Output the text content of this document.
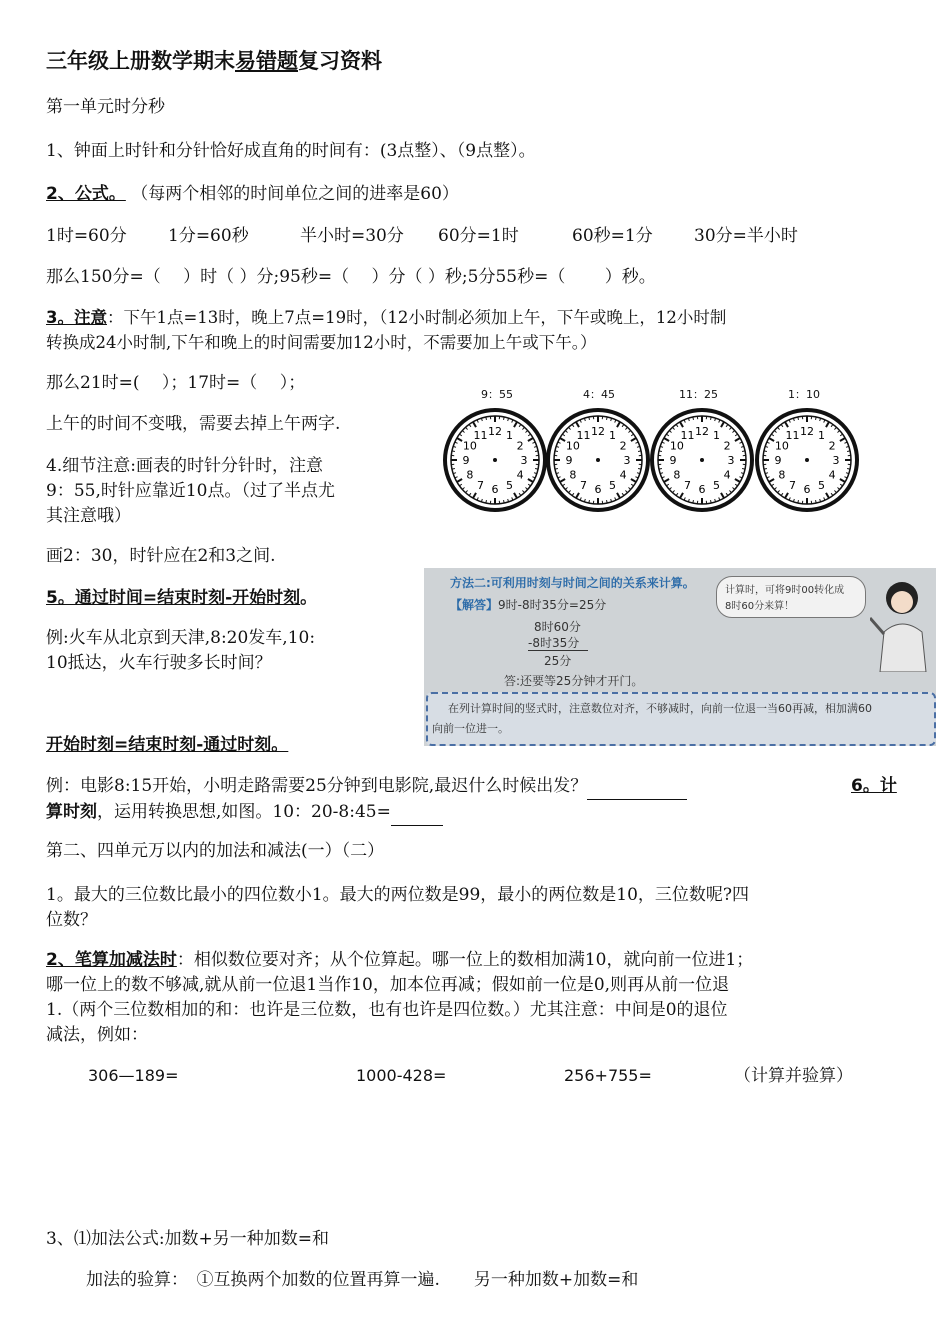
三年级上册数学期末易错题复习资料
第一单元时分秒
1、钟面上时针和分针恰好成直角的时间有：(3点整）、（9点整）。
2、公式。 （每两个相邻的时间单位之间的进率是60）
1时=60分 1分=60秒	半小时=30分 60分=1时	60秒=1分 30分=半小时
那么150分=（　 ）时（ ）分;95秒=（　 ）分（ ）秒;5分55秒=（　　 ）秒。
3。注意：下午1点=13时，晚上7点=19时，（12小时制必须加上午，下午或晚上，12小时制
转换成24小时制,下午和晚上的时间需要加12小时，不需要加上午或下午。）
那么21时=(　 ）；17时=（　 ）；
上午的时间不变哦，需要去掉上午两字.
4.细节注意:画表的时针分针时，注意
9：55,时针应靠近10点。（过了半点尤
其注意哦）
画2：30，时针应在2和3之间.
9：55	4：45	11：25	1：10
12 1
2
3
4
5
6
7
8
9
10
11	12 1
2
3
4
5
6
7
8
9
10
11	12 1
2
3
4
5
6
7
8
9
10
11	12 1
2
3
4
5
6
7
8
9
10
11
5。通过时间=结束时刻-开始时刻。
例:火车从北京到天津,8:20发车,10:
10抵达，火车行驶多长时间？
开始时刻=结束时刻-通过时刻。
方法二:可利用时刻与时间之间的关系来计算。
【解答】9时-8时35分=25分
8时60分
-8时35分
25分
答:还要等25分钟才开门。
计算时，可将9时00转化成
8时60分来算！
在列计算时间的竖式时，注意数位对齐，不够减时，向前一位退一当60再减，相加满60
向前一位进一。
例：电影8:15开始，小明走路需要25分钟到电影院,最迟什么时候出发？	6。计
算时刻，运用转换思想,如图。10：20-8:45=
第二、四单元万以内的加法和减法(一）（二）
1。最大的三位数比最小的四位数小1。最大的两位数是99，最小的两位数是10，三位数呢?四
位数？
2、笔算加减法时：相似数位要对齐；从个位算起。哪一位上的数相加满10，就向前一位进1；
哪一位上的数不够减,就从前一位退1当作10，加本位再减；假如前一位是0,则再从前一位退
1.（两个三位数相加的和：也许是三位数，也有也许是四位数。）尤其注意：中间是0的退位
减法，例如：
306—189=	1000-428=	256+755=	（计算并验算）
3、⑴加法公式:加数+另一种加数=和
加法的验算：　①互换两个加数的位置再算一遍.　　另一种加数+加数=和
